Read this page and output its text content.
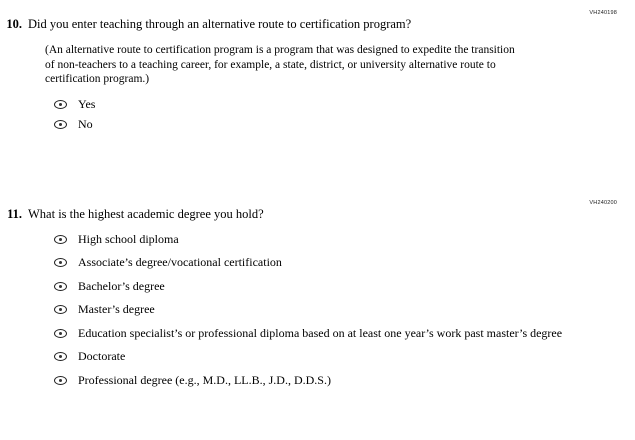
VH240198
10. Did you enter teaching through an alternative route to certification program?
(An alternative route to certification program is a program that was designed to expedite the transition of non-teachers to a teaching career, for example, a state, district, or university alternative route to certification program.)
Yes
No
VH240200
11. What is the highest academic degree you hold?
High school diploma
Associate’s degree/vocational certification
Bachelor’s degree
Master’s degree
Education specialist’s or professional diploma based on at least one year’s work past master’s degree
Doctorate
Professional degree (e.g., M.D., LL.B., J.D., D.D.S.)
